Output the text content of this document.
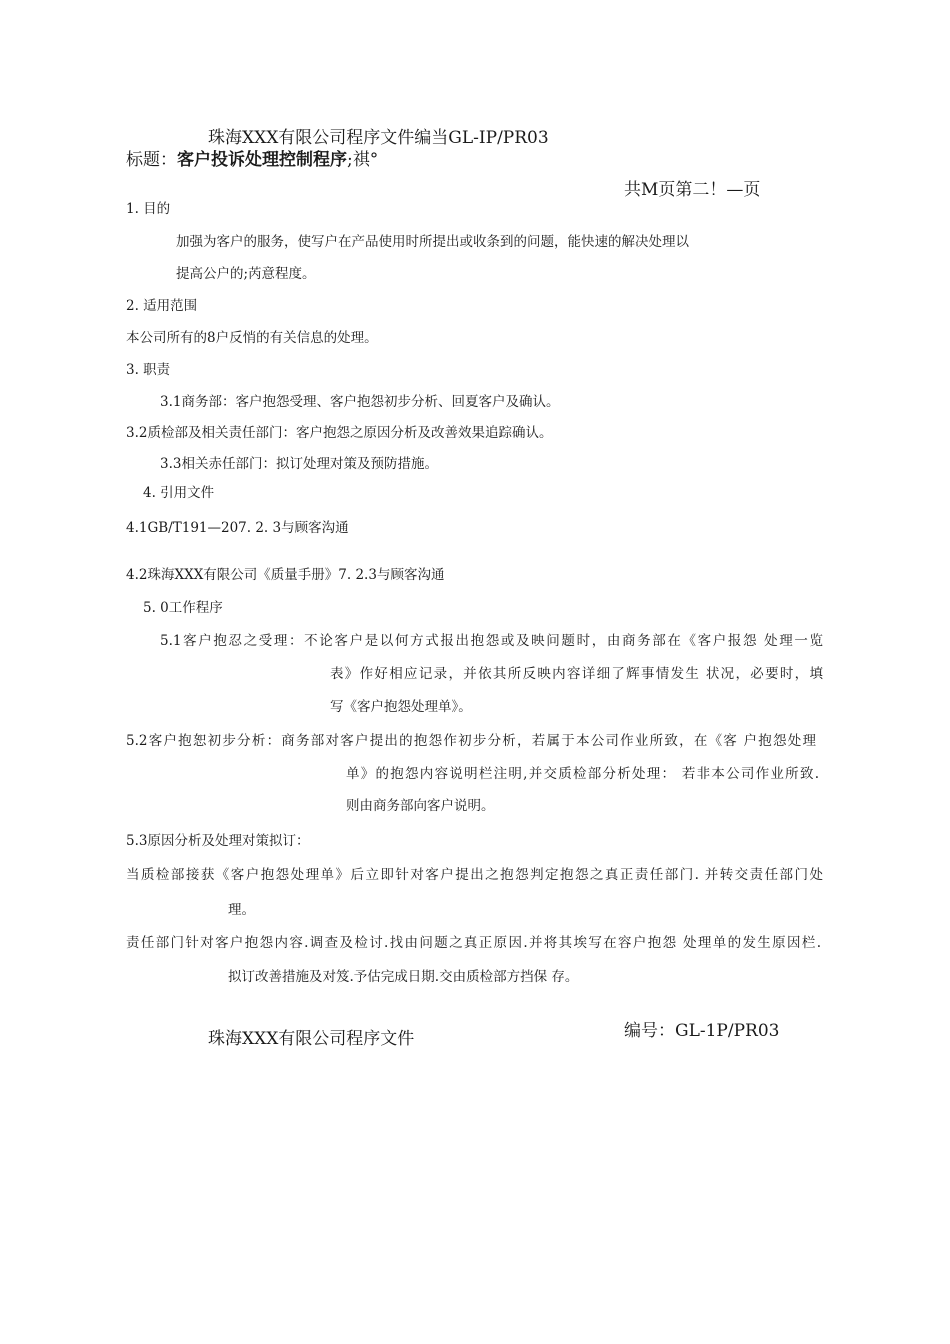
珠海XXX有限公司程序文件编当GL-IP/PR03
标题：客户投诉处理控制程序;祺°
共M页第二！—页
1. 目的
加强为客户的服务，使写户在产品使用时所提出或收条到的问题，能快速的解决处理以
提高公户的;芮意程度。
2. 适用范围
本公司所有的8户反悄的有关信息的处理。
3. 职责
3.1商务部：客户抱怨受理、客户抱怨初步分析、回夏客户及确认。
3.2质检部及相关责任部门：客户抱怨之原因分析及改善效果追踪确认。
3.3相关赤任部门：拟订处理对策及预防措施。
4. 引用文件
4.1GB/T191—207. 2. 3与顾客沟通
4.2珠海XXX有限公司《质量手册》7. 2.3与顾客沟通
5. 0工作程序
5.1客户抱忍之受理：不论客户是以何方式报出抱怨或及映问题时，由商务部在《客户报怨 处理一览
表》作好相应记录，并依其所反映内容详细了辉事情发生 状况，必要时，填
写《客户抱怨处理单》。
5.2客户抱恕初步分析：商务部对客户提出的抱怨作初步分析，若属于本公司作业所致，在《客 户抱怨处理
单》的抱怨内容说明栏注明,并交质检部分析处理： 若非本公司作业所致.
则由商务部向客户说明。
5.3原因分析及处理对策拟订：
当质检部接获《客户抱怨处理单》后立即针对客户提出之抱怨判定抱怨之真正责任部门. 并转交责任部门处
理。
责任部门针对客户抱怨内容.调查及检讨.找由问题之真正原因.并将其埃写在容户抱怨 处理单的发生原因栏.
拟订改善措施及对笈.予估完成日期.交由质检部方挡保 存。
珠海XXX有限公司程序文件	编号：GL-1P/PR03
